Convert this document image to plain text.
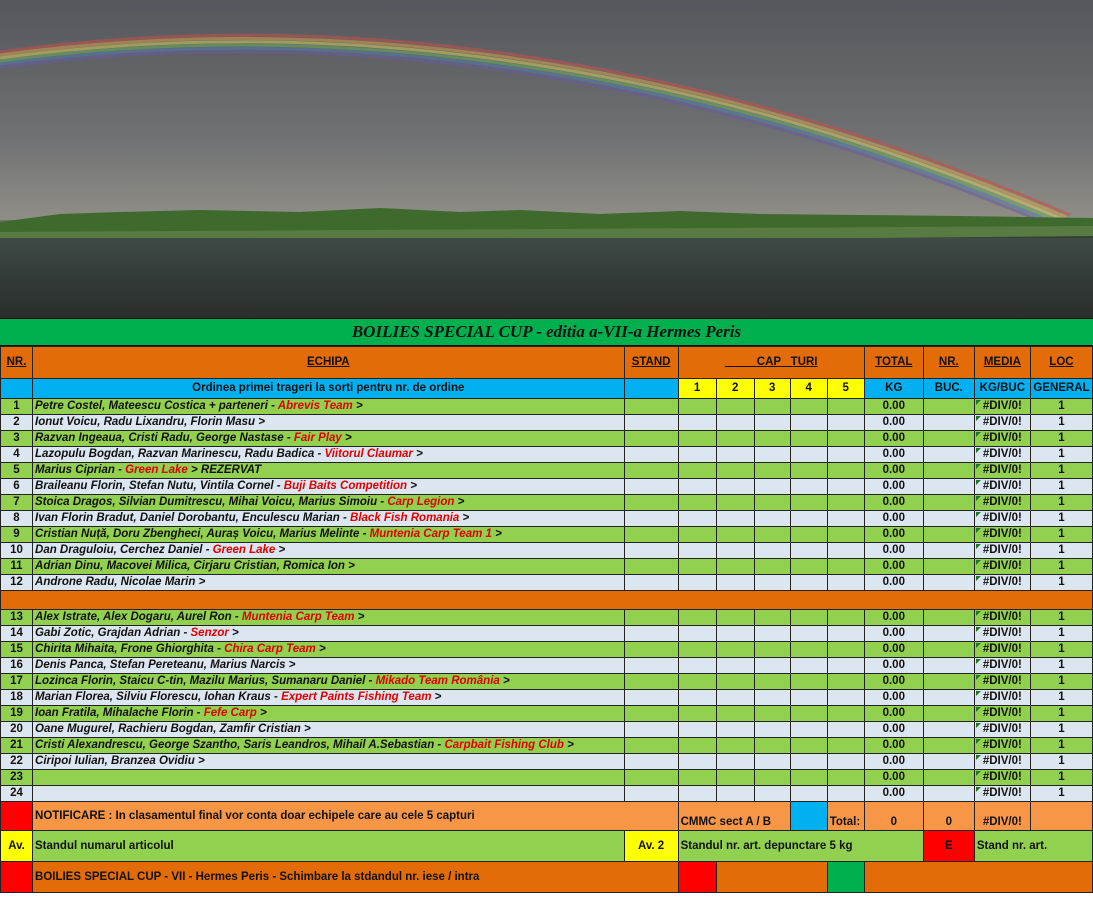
BOILIES SPECIAL CUP - editia a-VII-a Hermes Peris
NR.	ECHIPA	STAND	CAP TURI					TOTAL	NR.	MEDIA	LOC
	Ordinea primei trageri la sorti pentru nr. de ordine		1	2	3	4	5	KG	BUC.	KG/BUC	GENERAL
1	Petre Costel, Mateescu Costica + parteneri - Abrevis Team >							0.00		#DIV/0!	1
2	Ionut Voicu, Radu Lixandru, Florin Masu >							0.00		#DIV/0!	1
3	Razvan Ingeaua, Cristi Radu, George Nastase - Fair Play >							0.00		#DIV/0!	1
4	Lazopulu Bogdan, Razvan Marinescu, Radu Badica - Viitorul Claumar >							0.00		#DIV/0!	1
5	Marius Ciprian - Green Lake > REZERVAT							0.00		#DIV/0!	1
6	Braileanu Florin, Stefan Nutu, Vintila Cornel - Buji Baits Competition >							0.00		#DIV/0!	1
7	Stoica Dragos, Silvian Dumitrescu, Mihai Voicu, Marius Simoiu - Carp Legion >							0.00		#DIV/0!	1
8	Ivan Florin Bradut, Daniel Dorobantu, Enculescu Marian - Black Fish Romania >							0.00		#DIV/0!	1
9	Cristian Nuță, Doru Zbengheci, Auraș Voicu, Marius Melinte - Muntenia Carp Team 1 >							0.00		#DIV/0!	1
10	Dan Draguloiu, Cerchez Daniel - Green Lake >							0.00		#DIV/0!	1
11	Adrian Dinu, Macovei Milica, Cirjaru Cristian, Romica Ion >							0.00		#DIV/0!	1
12	Androne Radu, Nicolae Marin >							0.00		#DIV/0!	1

13	Alex Istrate, Alex Dogaru, Aurel Ron - Muntenia Carp Team >							0.00		#DIV/0!	1
14	Gabi Zotic, Grajdan Adrian - Senzor >							0.00		#DIV/0!	1
15	Chirita Mihaita, Frone Ghiorghita - Chira Carp Team >							0.00		#DIV/0!	1
16	Denis Panca, Stefan Pereteanu, Marius Narcis >							0.00		#DIV/0!	1
17	Lozinca Florin, Staicu C-tin, Mazilu Marius, Sumanaru Daniel - Mikado Team România >							0.00		#DIV/0!	1
18	Marian Florea, Silviu Florescu, Iohan Kraus - Expert Paints Fishing Team >							0.00		#DIV/0!	1
19	Ioan Fratila, Mihalache Florin - Fefe Carp >							0.00		#DIV/0!	1
20	Oane Mugurel, Rachieru Bogdan, Zamfir Cristian >							0.00		#DIV/0!	1
21	Cristi Alexandrescu, George Szantho, Saris Leandros, Mihail A.Sebastian - Carpbait Fishing Club >							0.00		#DIV/0!	1
22	Ciripoi Iulian, Branzea Ovidiu >							0.00		#DIV/0!	1
23								0.00		#DIV/0!	1
24								0.00		#DIV/0!	1
	NOTIFICARE : In clasamentul final vor conta doar echipele care au cele 5 capturi		CMMC sect A / B				Total:	0	0	#DIV/0!	
Av.	Standul numarul articolul	Av. 2	Standul nr. art. depunctare 5 kg						E	Stand nr. art.	
	BOILIES SPECIAL CUP - VII - Hermes Peris - Schimbare la stdandul nr. iese / intra										
